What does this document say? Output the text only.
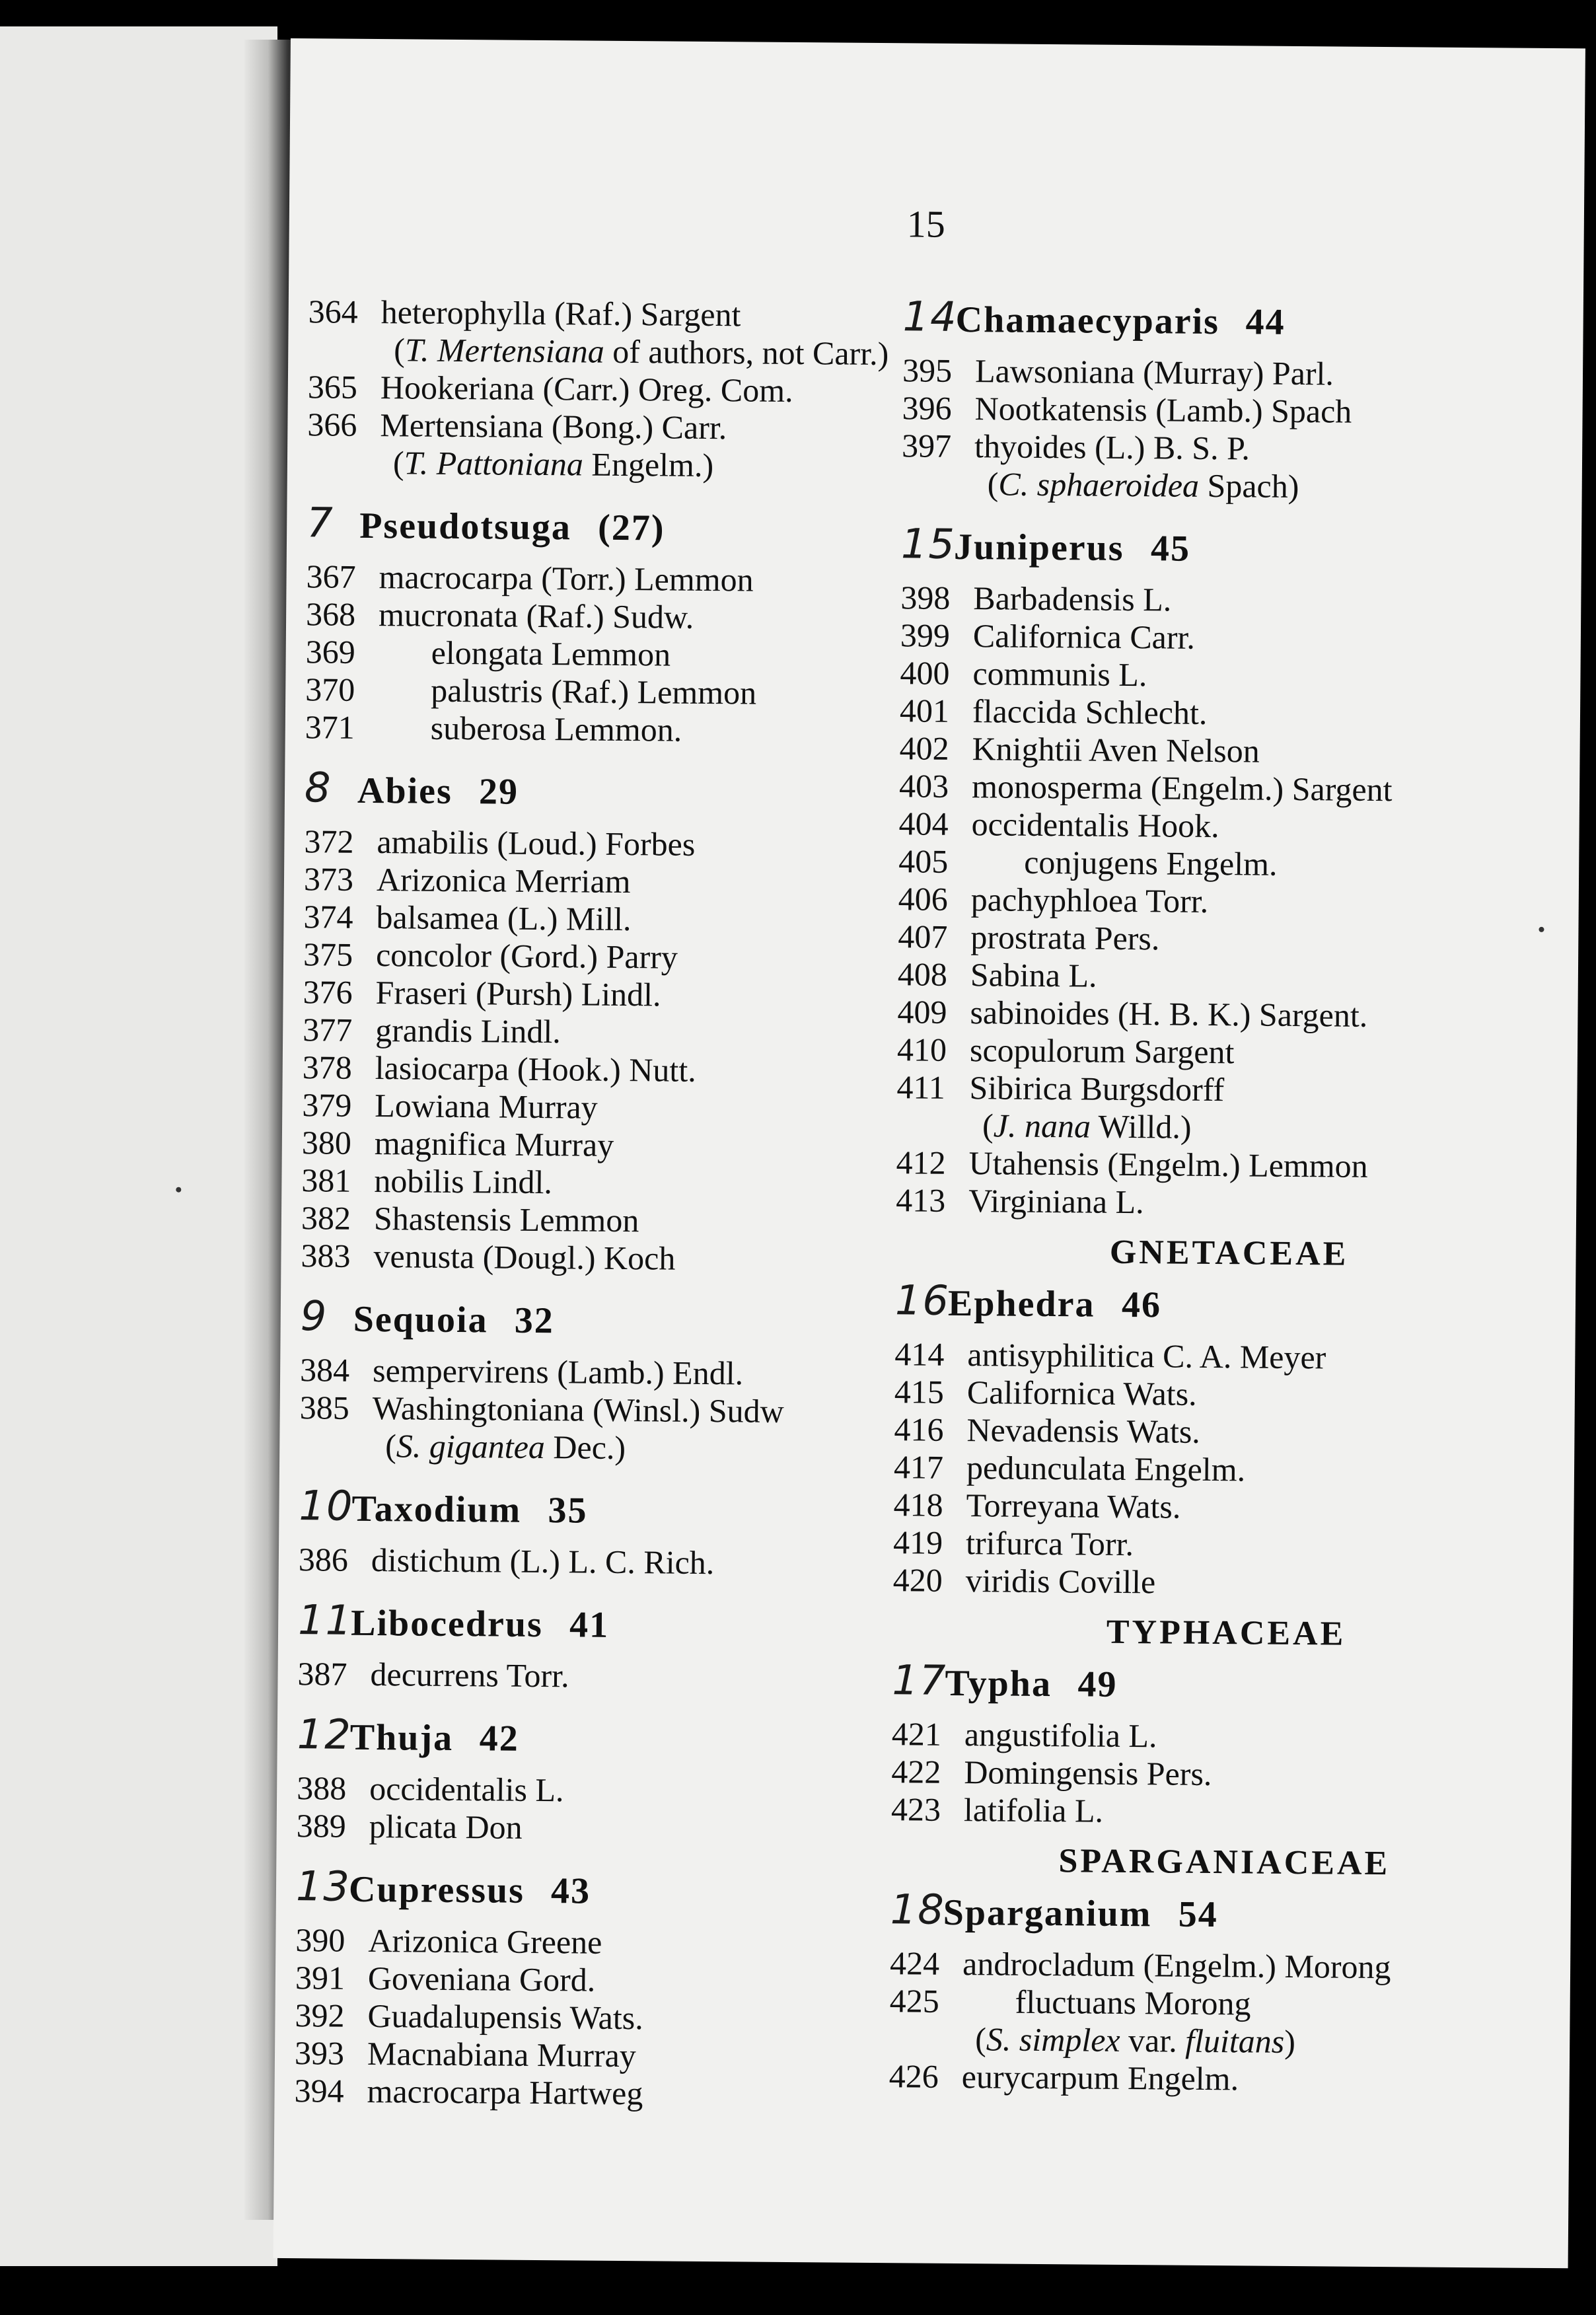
15
364 heterophylla (Raf.) Sargent
(T. Mertensiana of authors, not Carr.)
365 Hookeriana (Carr.) Oreg. Com.
366 Mertensiana (Bong.) Carr.
(T. Pattoniana Engelm.)
7 Pseudotsuga (27)
367 macrocarpa (Torr.) Lemmon
368 mucronata (Raf.) Sudw.
369 elongata Lemmon
370 palustris (Raf.) Lemmon
371 suberosa Lemmon.
8 Abies 29
372 amabilis (Loud.) Forbes
373 Arizonica Merriam
374 balsamea (L.) Mill.
375 concolor (Gord.) Parry
376 Fraseri (Pursh) Lindl.
377 grandis Lindl.
378 lasiocarpa (Hook.) Nutt.
379 Lowiana Murray
380 magnifica Murray
381 nobilis Lindl.
382 Shastensis Lemmon
383 venusta (Dougl.) Koch
9 Sequoia 32
384 sempervirens (Lamb.) Endl.
385 Washingtoniana (Winsl.) Sudw
(S. gigantea Dec.)
10
Taxodium 35
386 distichum (L.) L. C. Rich.
11
Libocedrus 41
387 decurrens Torr.
12
Thuja 42
388 occidentalis L.
389 plicata Don
13
Cupressus 43
390 Arizonica Greene
391 Goveniana Gord.
392 Guadalupensis Wats.
393 Macnabiana Murray
394 macrocarpa Hartweg
14
Chamaecyparis 44
395 Lawsoniana (Murray) Parl.
396 Nootkatensis (Lamb.) Spach
397 thyoides (L.) B. S. P.
(C. sphaeroidea Spach)
15
Juniperus 45
398 Barbadensis L.
399 Californica Carr.
400 communis L.
401 flaccida Schlecht.
402 Knightii Aven Nelson
403 monosperma (Engelm.) Sargent
404 occidentalis Hook.
405 conjugens Engelm.
406 pachyphloea Torr.
407 prostrata Pers.
408 Sabina L.
409 sabinoides (H. B. K.) Sargent.
410 scopulorum Sargent
411 Sibirica Burgsdorff
(J. nana Willd.)
412 Utahensis (Engelm.) Lemmon
413 Virginiana L.
GNETACEAE
16
Ephedra 46
414 antisyphilitica C. A. Meyer
415 Californica Wats.
416 Nevadensis Wats.
417 pedunculata Engelm.
418 Torreyana Wats.
419 trifurca Torr.
420 viridis Coville
TYPHACEAE
17
Typha 49
421 angustifolia L.
422 Domingensis Pers.
423 latifolia L.
SPARGANIACEAE
18
Sparganium 54
424 androcladum (Engelm.) Morong
425 fluctuans Morong
(S. simplex var. fluitans)
426 eurycarpum Engelm.
